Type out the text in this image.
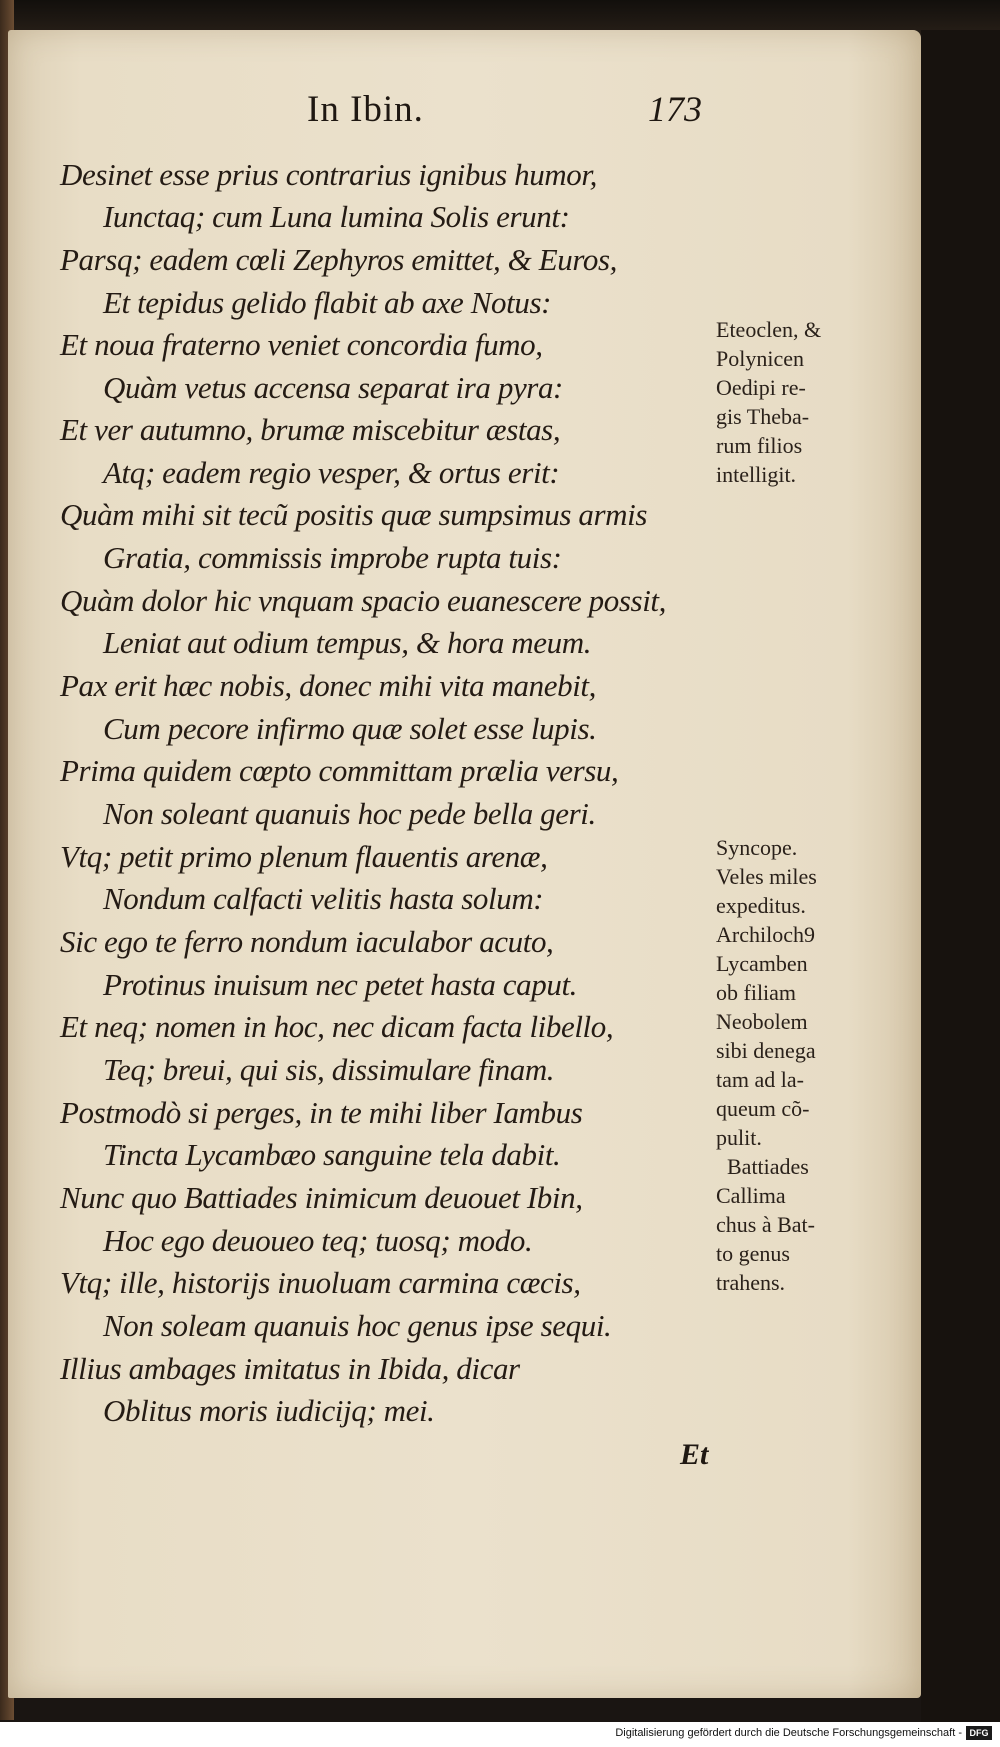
In Ibin.	173
Desinet esse prius contrarius ignibus humor,
Iunctaq; cum Luna lumina Solis erunt:
Parsq; eadem cœli Zephyros emittet, & Euros,
Et tepidus gelido flabit ab axe Notus:
Et noua fraterno veniet concordia fumo,
Quàm vetus accensa separat ira pyra:
Et ver autumno, brumæ miscebitur æstas,
Atq; eadem regio vesper, & ortus erit:
Quàm mihi sit tecũ positis quæ sumpsimus armis
Gratia, commissis improbe rupta tuis:
Quàm dolor hic vnquam spacio euanescere possit,
Leniat aut odium tempus, & hora meum.
Pax erit hæc nobis, donec mihi vita manebit,
Cum pecore infirmo quæ solet esse lupis.
Prima quidem cœpto committam prælia versu,
Non soleant quanuis hoc pede bella geri.
Vtq; petit primo plenum flauentis arenæ,
Nondum calfacti velitis hasta solum:
Sic ego te ferro nondum iaculabor acuto,
Protinus inuisum nec petet hasta caput.
Et neq; nomen in hoc, nec dicam facta libello,
Teq; breui, qui sis, dissimulare finam.
Postmodò si perges, in te mihi liber Iambus
Tincta Lycambæo sanguine tela dabit.
Nunc quo Battiades inimicum deuouet Ibin,
Hoc ego deuoueo teq; tuosq; modo.
Vtq; ille, historijs inuoluam carmina cæcis,
Non soleam quanuis hoc genus ipse sequi.
Illius ambages imitatus in Ibida, dicar
Oblitus moris iudicijq; mei.
Eteoclen, &
Polynicen
Oedipi re-
gis Theba-
rum filios
intelligit.
Syncope.
Veles miles
expeditus.
Archiloch9
Lycamben
ob filiam
Neobolem
sibi denega
tam ad la-
queum cõ-
pulit.
Battiades
Callima
chus à Bat-
to genus
trahens.
Et
Digitalisierung gefördert durch die Deutsche Forschungsgemeinschaft - DFG
